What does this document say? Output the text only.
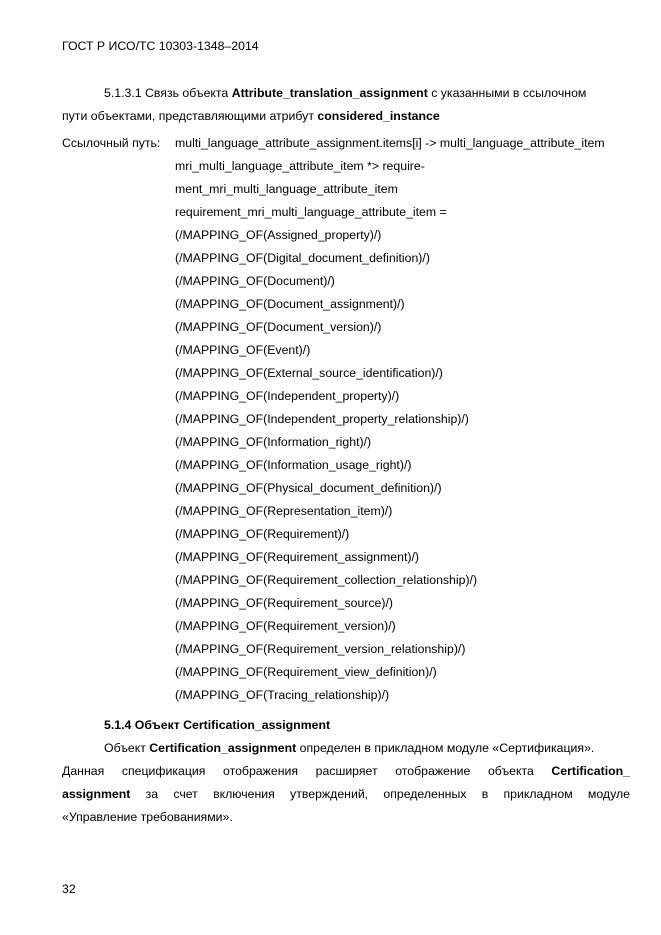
ГОСТ Р ИСО/ТС 10303-1348–2014
5.1.3.1 Связь объекта Attribute_translation_assignment с указанными в ссылочном
пути объектами, представляющими атрибут considered_instance
Ссылочный путь: multi_language_attribute_assignment.items[i] -> multi_language_attribute_item
mri_multi_language_attribute_item *> require-
ment_mri_multi_language_attribute_item
requirement_mri_multi_language_attribute_item =
(/MAPPING_OF(Assigned_property)/)
(/MAPPING_OF(Digital_document_definition)/)
(/MAPPING_OF(Document)/)
(/MAPPING_OF(Document_assignment)/)
(/MAPPING_OF(Document_version)/)
(/MAPPING_OF(Event)/)
(/MAPPING_OF(External_source_identification)/)
(/MAPPING_OF(Independent_property)/)
(/MAPPING_OF(Independent_property_relationship)/)
(/MAPPING_OF(Information_right)/)
(/MAPPING_OF(Information_usage_right)/)
(/MAPPING_OF(Physical_document_definition)/)
(/MAPPING_OF(Representation_item)/)
(/MAPPING_OF(Requirement)/)
(/MAPPING_OF(Requirement_assignment)/)
(/MAPPING_OF(Requirement_collection_relationship)/)
(/MAPPING_OF(Requirement_source)/)
(/MAPPING_OF(Requirement_version)/)
(/MAPPING_OF(Requirement_version_relationship)/)
(/MAPPING_OF(Requirement_view_definition)/)
(/MAPPING_OF(Tracing_relationship)/)
5.1.4 Объект Certification_assignment
Объект Certification_assignment определен в прикладном модуле «Сертификация».
Данная спецификация отображения расширяет отображение объекта Certification_
assignment за счет включения утверждений, определенных в прикладном модуле
«Управление требованиями».
32
